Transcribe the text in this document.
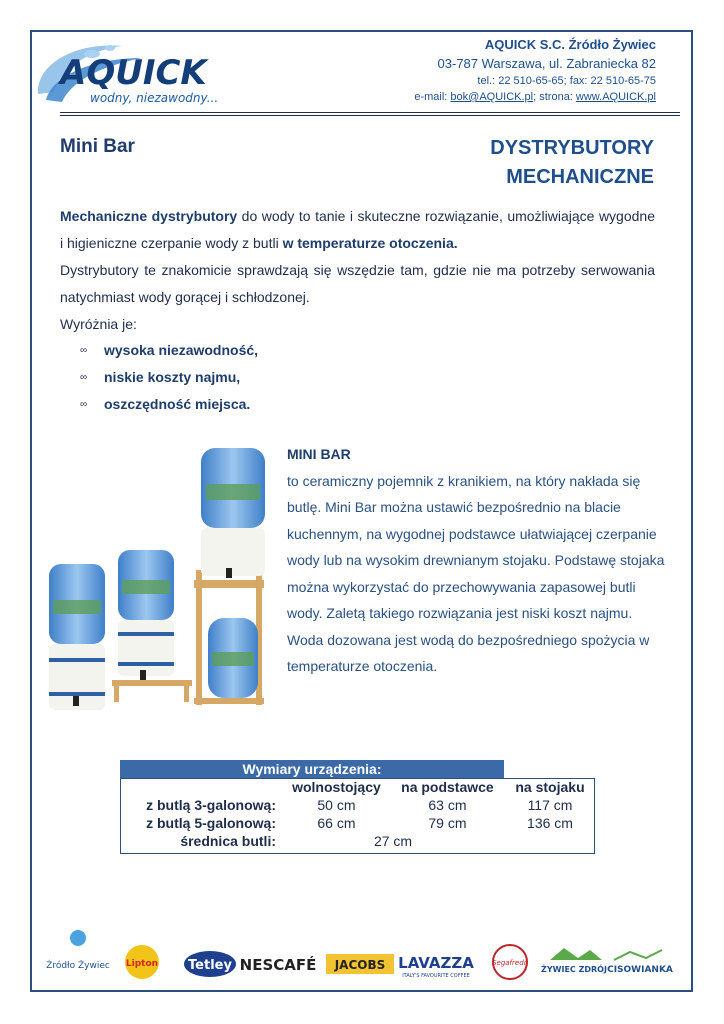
AQUICK
wodny, niezawodny...
AQUICK S.C. Źródło Żywiec
03-787 Warszawa, ul. Zabraniecka 82
tel.: 22 510-65-65; fax: 22 510-65-75
e-mail: bok@AQUICK.pl; strona: www.AQUICK.pl
Mini Bar	DYSTRYBUTORY
MECHANICZNE

Mechaniczne dystrybutory do wody to tanie i skuteczne rozwiązanie, umożliwiające wygodne i higieniczne czerpanie wody z butli w temperaturze otoczenia.

Dystrybutory te znakomicie sprawdzają się wszędzie tam, gdzie nie ma potrzeby serwowania natychmiast wody gorącej i schłodzonej.

Wyróżnia je:

∞	wysoka niezawodność,
∞	niskie koszty najmu,
∞	oszczędność miejsca.
MINI BAR
to ceramiczny pojemnik z kranikiem, na który nakłada się butlę. Mini Bar można ustawić bezpośrednio na blacie kuchennym, na wygodnej podstawce ułatwiającej czerpanie wody lub na wysokim drewnianym stojaku. Podstawę stojaka można wykorzystać do przechowywania zapasowej butli wody. Zaletą takiego rozwiązania jest niski koszt najmu. Woda dozowana jest wodą do bezpośredniego spożycia w temperaturze otoczenia.
Wymiary urządzenia:			
	wolnostojący	na podstawce	na stojaku
z butlą 3-galonową:	50 cm	63 cm	117 cm
z butlą 5-galonową:	66 cm	79 cm	136 cm
średnica butli:	27 cm		
Źródło Żywiec Lipton Tetley NESCAFÉ JACOBS LAVAZZA
ITALY'S FAVOURITE COFFEE
Segafredo
ŻYWIEC ZDRÓJ CISOWIANKA
